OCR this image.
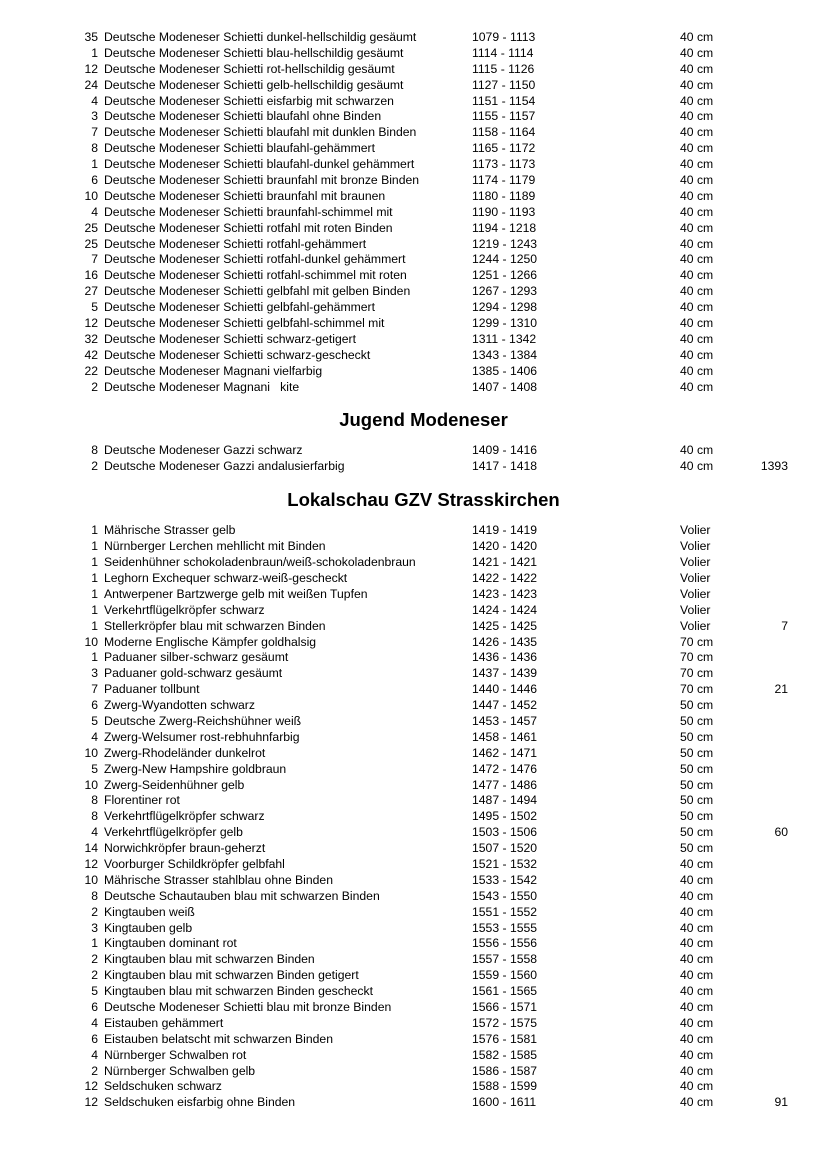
35 Deutsche Modeneser Schietti dunkel-hellschildig gesäumt	1079 - 1113	40 cm
1 Deutsche Modeneser Schietti blau-hellschildig gesäumt	1114 - 1114	40 cm
12 Deutsche Modeneser Schietti rot-hellschildig gesäumt	1115 - 1126	40 cm
24 Deutsche Modeneser Schietti gelb-hellschildig gesäumt	1127 - 1150	40 cm
4 Deutsche Modeneser Schietti eisfarbig mit schwarzen	1151 - 1154	40 cm
3 Deutsche Modeneser Schietti blaufahl ohne Binden	1155 - 1157	40 cm
7 Deutsche Modeneser Schietti blaufahl mit dunklen Binden	1158 - 1164	40 cm
8 Deutsche Modeneser Schietti blaufahl-gehämmert	1165 - 1172	40 cm
1 Deutsche Modeneser Schietti blaufahl-dunkel gehämmert	1173 - 1173	40 cm
6 Deutsche Modeneser Schietti braunfahl mit bronze Binden	1174 - 1179	40 cm
10 Deutsche Modeneser Schietti braunfahl mit braunen	1180 - 1189	40 cm
4 Deutsche Modeneser Schietti braunfahl-schimmel mit	1190 - 1193	40 cm
25 Deutsche Modeneser Schietti rotfahl mit roten Binden	1194 - 1218	40 cm
25 Deutsche Modeneser Schietti rotfahl-gehämmert	1219 - 1243	40 cm
7 Deutsche Modeneser Schietti rotfahl-dunkel gehämmert	1244 - 1250	40 cm
16 Deutsche Modeneser Schietti rotfahl-schimmel mit roten	1251 - 1266	40 cm
27 Deutsche Modeneser Schietti gelbfahl mit gelben Binden	1267 - 1293	40 cm
5 Deutsche Modeneser Schietti gelbfahl-gehämmert	1294 - 1298	40 cm
12 Deutsche Modeneser Schietti gelbfahl-schimmel mit	1299 - 1310	40 cm
32 Deutsche Modeneser Schietti schwarz-getigert	1311 - 1342	40 cm
42 Deutsche Modeneser Schietti schwarz-gescheckt	1343 - 1384	40 cm
22 Deutsche Modeneser Magnani vielfarbig	1385 - 1406	40 cm
2 Deutsche Modeneser Magnani   kite	1407 - 1408	40 cm
Jugend Modeneser
8 Deutsche Modeneser Gazzi schwarz	1409 - 1416	40 cm
2 Deutsche Modeneser Gazzi andalusierfarbig	1417 - 1418	40 cm	1393
Lokalschau GZV Strasskirchen
1 Mährische Strasser gelb	1419 - 1419	Volier
1 Nürnberger Lerchen mehllicht mit Binden	1420 - 1420	Volier
1 Seidenhühner schokoladenbraun/weiß-schokoladenbraun	1421 - 1421	Volier
1 Leghorn Exchequer schwarz-weiß-gescheckt	1422 - 1422	Volier
1 Antwerpener Bartzwerge gelb mit weißen Tupfen	1423 - 1423	Volier
1 Verkehrtflügelkröpfer schwarz	1424 - 1424	Volier
1 Stellerkröpfer blau mit schwarzen Binden	1425 - 1425	Volier	7
10 Moderne Englische Kämpfer goldhalsig	1426 - 1435	70 cm
1 Paduaner silber-schwarz gesäumt	1436 - 1436	70 cm
3 Paduaner gold-schwarz gesäumt	1437 - 1439	70 cm
7 Paduaner tollbunt	1440 - 1446	70 cm	21
6 Zwerg-Wyandotten schwarz	1447 - 1452	50 cm
5 Deutsche Zwerg-Reichshühner weiß	1453 - 1457	50 cm
4 Zwerg-Welsumer rost-rebhuhnfarbig	1458 - 1461	50 cm
10 Zwerg-Rhodeländer dunkelrot	1462 - 1471	50 cm
5 Zwerg-New Hampshire goldbraun	1472 - 1476	50 cm
10 Zwerg-Seidenhühner gelb	1477 - 1486	50 cm
8 Florentiner rot	1487 - 1494	50 cm
8 Verkehrtflügelkröpfer schwarz	1495 - 1502	50 cm
4 Verkehrtflügelkröpfer gelb	1503 - 1506	50 cm	60
14 Norwichkröpfer braun-geherzt	1507 - 1520	50 cm
12 Voorburger Schildkröpfer gelbfahl	1521 - 1532	40 cm
10 Mährische Strasser stahlblau ohne Binden	1533 - 1542	40 cm
8 Deutsche Schautauben blau mit schwarzen Binden	1543 - 1550	40 cm
2 Kingtauben weiß	1551 - 1552	40 cm
3 Kingtauben gelb	1553 - 1555	40 cm
1 Kingtauben dominant rot	1556 - 1556	40 cm
2 Kingtauben blau mit schwarzen Binden	1557 - 1558	40 cm
2 Kingtauben blau mit schwarzen Binden getigert	1559 - 1560	40 cm
5 Kingtauben blau mit schwarzen Binden gescheckt	1561 - 1565	40 cm
6 Deutsche Modeneser Schietti blau mit bronze Binden	1566 - 1571	40 cm
4 Eistauben gehämmert	1572 - 1575	40 cm
6 Eistauben belatscht mit schwarzen Binden	1576 - 1581	40 cm
4 Nürnberger Schwalben rot	1582 - 1585	40 cm
2 Nürnberger Schwalben gelb	1586 - 1587	40 cm
12 Seldschuken schwarz	1588 - 1599	40 cm
12 Seldschuken eisfarbig ohne Binden	1600 - 1611	40 cm	91
